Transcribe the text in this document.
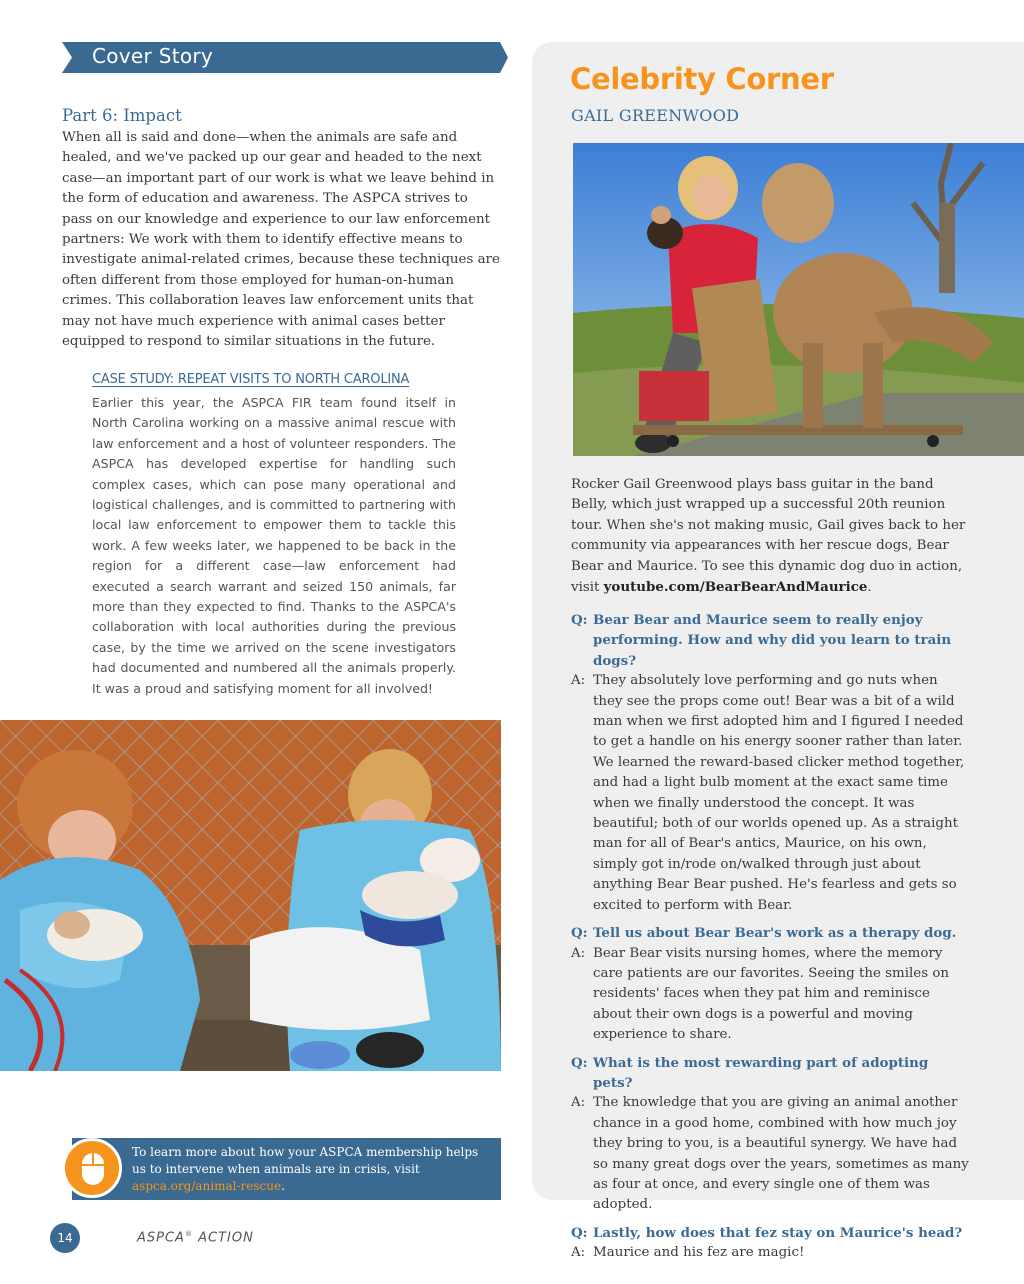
Cover Story
Part 6: Impact

When all is said and done—when the animals are safe and healed, and we've packed up our gear and headed to the next case—an important part of our work is what we leave behind in the form of education and awareness. The ASPCA strives to pass on our knowledge and experience to our law enforcement partners: We work with them to identify effective means to investigate animal-related crimes, because these techniques are often different from those employed for human-on-human crimes. This collaboration leaves law enforcement units that may not have much experience with animal cases better equipped to respond to similar situations in the future.

CASE STUDY: REPEAT VISITS TO NORTH CAROLINA

Earlier this year, the ASPCA FIR team found itself in North Carolina working on a massive animal rescue with law enforcement and a host of volunteer responders. The ASPCA has developed expertise for handling such complex cases, which can pose many operational and logistical challenges, and is committed to partnering with local law enforcement to empower them to tackle this work. A few weeks later, we happened to be back in the region for a different case—law enforcement had executed a search warrant and seized 150 animals, far more than they expected to find. Thanks to the ASPCA's collaboration with local authorities during the previous case, by the time we arrived on the scene investigators had documented and numbered all the animals properly. It was a proud and satisfying moment for all involved!

To learn more about how your ASPCA membership helps us to intervene when animals are in crisis, visit aspca.org/animal-rescue.

14	ASPCA® ACTION
Celebrity Corner
GAIL GREENWOOD

Rocker Gail Greenwood plays bass guitar in the band Belly, which just wrapped up a successful 20th reunion tour. When she's not making music, Gail gives back to her community via appearances with her rescue dogs, Bear Bear and Maurice. To see this dynamic dog duo in action, visit youtube.com/BearBearAndMaurice.

Q: Bear Bear and Maurice seem to really enjoy performing. How and why did you learn to train dogs?
A: They absolutely love performing and go nuts when they see the props come out! Bear was a bit of a wild man when we first adopted him and I figured I needed to get a handle on his energy sooner rather than later. We learned the reward-based clicker method together, and had a light bulb moment at the exact same time when we finally understood the concept. It was beautiful; both of our worlds opened up. As a straight man for all of Bear's antics, Maurice, on his own, simply got in/rode on/walked through just about anything Bear Bear pushed. He's fearless and gets so excited to perform with Bear.
Q: Tell us about Bear Bear's work as a therapy dog.
A: Bear Bear visits nursing homes, where the memory care patients are our favorites. Seeing the smiles on residents' faces when they pat him and reminisce about their own dogs is a powerful and moving experience to share.
Q: What is the most rewarding part of adopting pets?
A: The knowledge that you are giving an animal another chance in a good home, combined with how much joy they bring to you, is a beautiful synergy. We have had so many great dogs over the years, sometimes as many as four at once, and every single one of them was adopted.
Q: Lastly, how does that fez stay on Maurice's head?
A: Maurice and his fez are magic!
